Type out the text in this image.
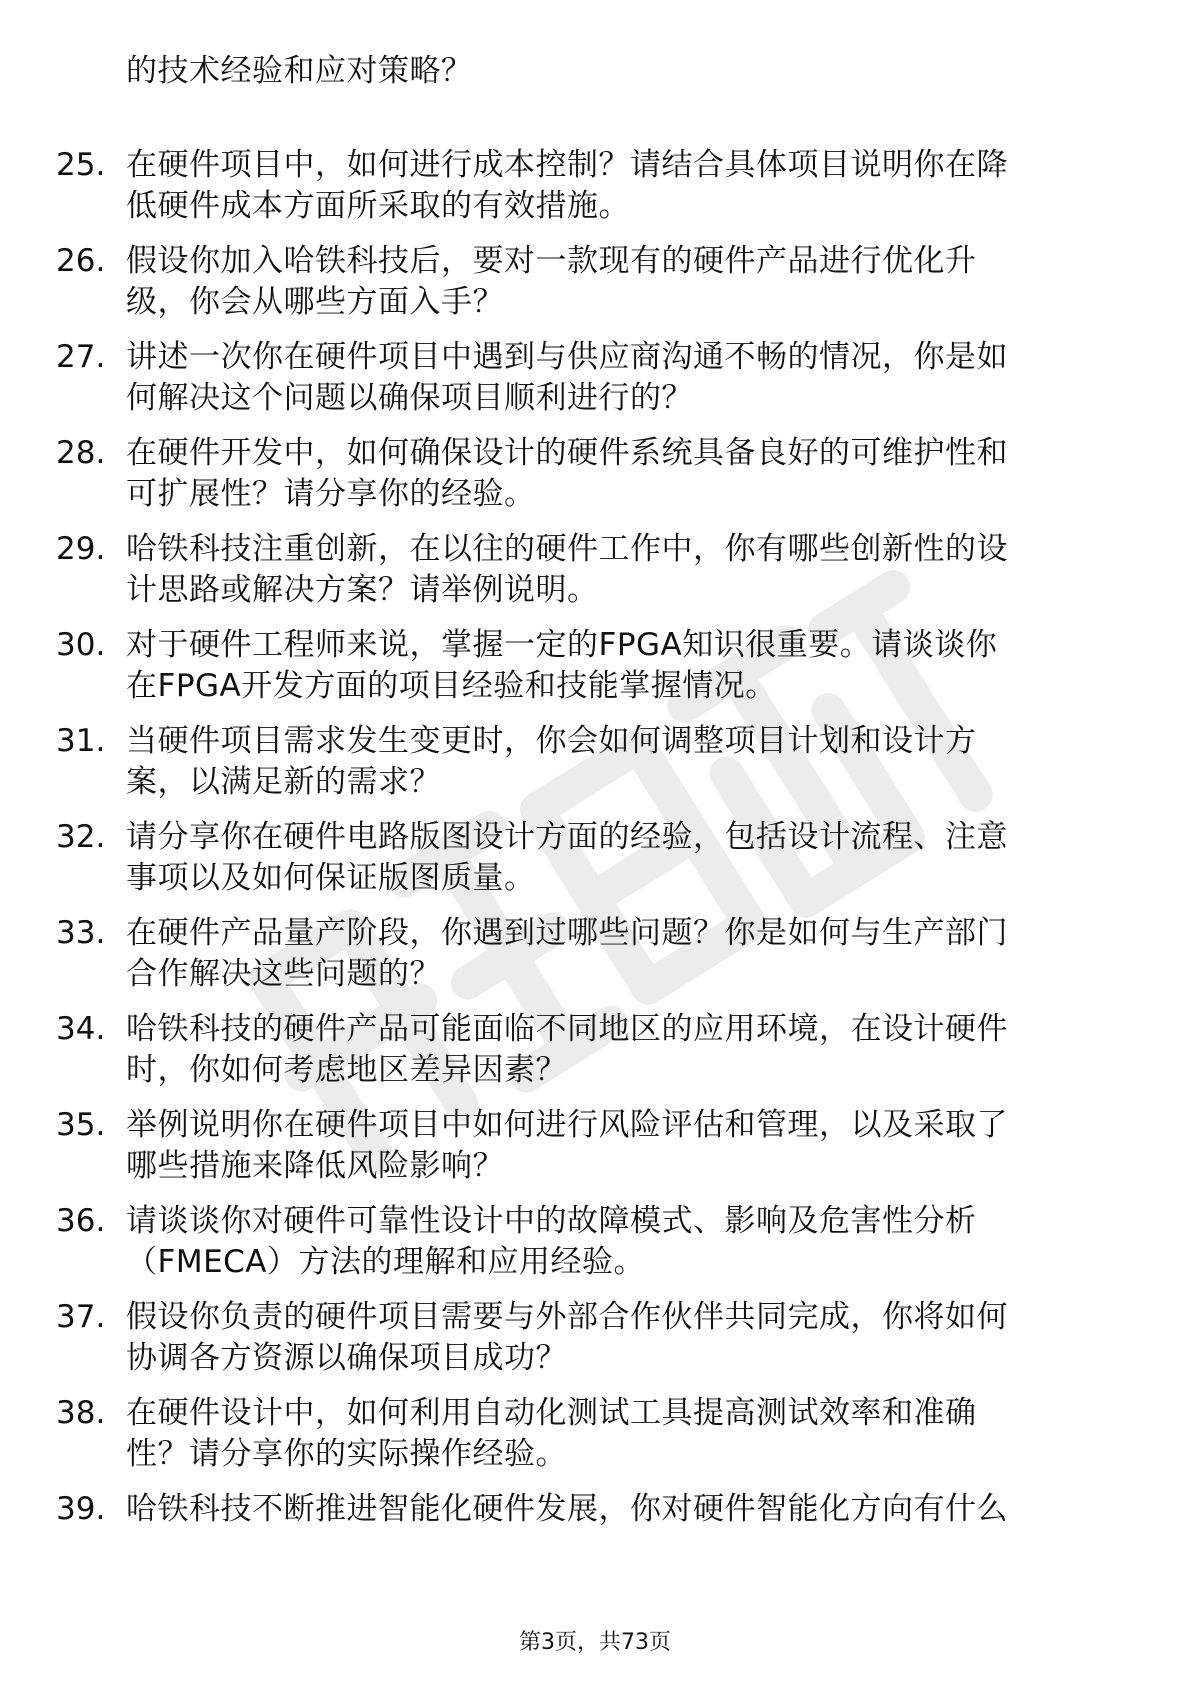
的技术经验和应对策略？
25. 在硬件项目中，如何进行成本控制？请结合具体项目说明你在降
低硬件成本方面所采取的有效措施。
26. 假设你加入哈铁科技后，要对一款现有的硬件产品进行优化升
级，你会从哪些方面入手？
27. 讲述一次你在硬件项目中遇到与供应商沟通不畅的情况，你是如
何解决这个问题以确保项目顺利进行的？
28. 在硬件开发中，如何确保设计的硬件系统具备良好的可维护性和
可扩展性？请分享你的经验。
29. 哈铁科技注重创新，在以往的硬件工作中，你有哪些创新性的设
计思路或解决方案？请举例说明。
30. 对于硬件工程师来说，掌握一定的FPGA知识很重要。请谈谈你
在FPGA开发方面的项目经验和技能掌握情况。
31. 当硬件项目需求发生变更时，你会如何调整项目计划和设计方
案，以满足新的需求？
32. 请分享你在硬件电路版图设计方面的经验，包括设计流程、注意
事项以及如何保证版图质量。
33. 在硬件产品量产阶段，你遇到过哪些问题？你是如何与生产部门
合作解决这些问题的？
34. 哈铁科技的硬件产品可能面临不同地区的应用环境，在设计硬件
时，你如何考虑地区差异因素？
35. 举例说明你在硬件项目中如何进行风险评估和管理，以及采取了
哪些措施来降低风险影响？
36. 请谈谈你对硬件可靠性设计中的故障模式、影响及危害性分析
（FMECA）方法的理解和应用经验。
37. 假设你负责的硬件项目需要与外部合作伙伴共同完成，你将如何
协调各方资源以确保项目成功？
38. 在硬件设计中，如何利用自动化测试工具提高测试效率和准确
性？请分享你的实际操作经验。
39. 哈铁科技不断推进智能化硬件发展，你对硬件智能化方向有什么
第3页，共73页
